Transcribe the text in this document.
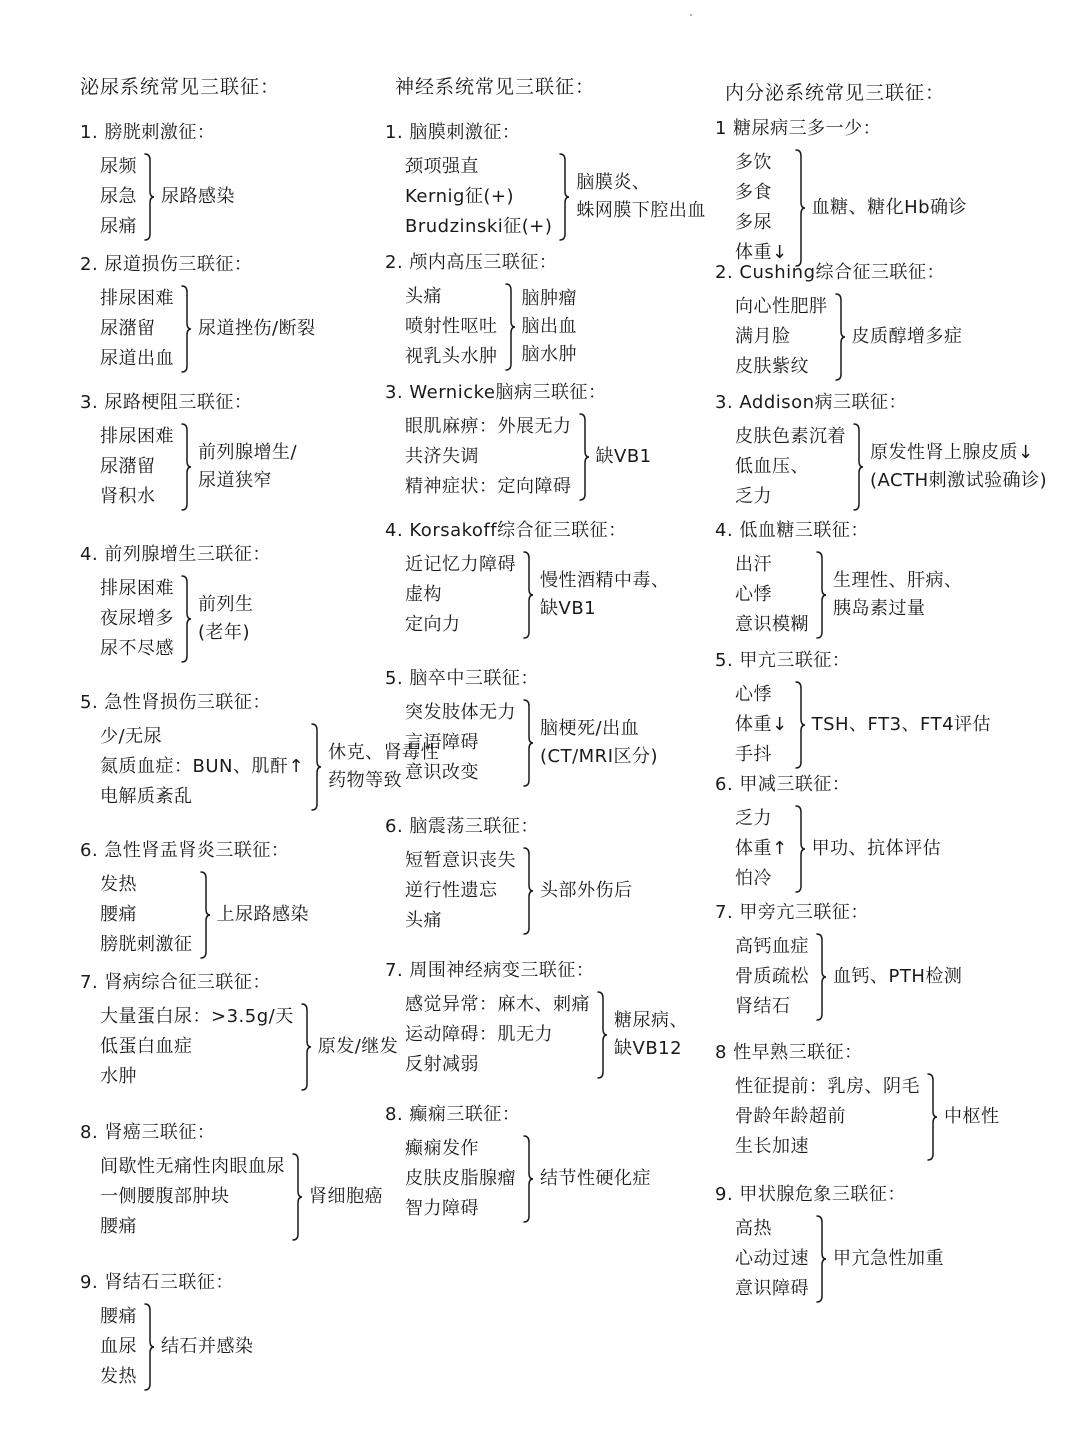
泌尿系统常见三联征：
1. 膀胱刺激征：
尿频
尿急
尿痛
尿路感染
2. 尿道损伤三联征：
排尿困难
尿潴留
尿道出血
尿道挫伤/断裂
3. 尿路梗阻三联征：
排尿困难
尿潴留
肾积水
前列腺增生/
尿道狭窄
4. 前列腺增生三联征：
排尿困难
夜尿增多
尿不尽感
前列生
(老年)
5. 急性肾损伤三联征：
少/无尿
氮质血症：BUN、肌酐↑
电解质紊乱
休克、肾毒性
药物等致
6. 急性肾盂肾炎三联征：
发热
腰痛
膀胱刺激征
上尿路感染
7. 肾病综合征三联征：
大量蛋白尿：>3.5g/天
低蛋白血症
水肿
原发/继发
8. 肾癌三联征：
间歇性无痛性肉眼血尿
一侧腰腹部肿块
腰痛
肾细胞癌
9. 肾结石三联征：
腰痛
血尿
发热
结石并感染
神经系统常见三联征：
1. 脑膜刺激征：
颈项强直
Kernig征(+)
Brudzinski征(+)
脑膜炎、
蛛网膜下腔出血
2. 颅内高压三联征：
头痛
喷射性呕吐
视乳头水肿
脑肿瘤
脑出血
脑水肿
3. Wernicke脑病三联征：
眼肌麻痹：外展无力
共济失调
精神症状：定向障碍
缺VB1
4. Korsakoff综合征三联征：
近记忆力障碍
虚构
定向力
慢性酒精中毒、
缺VB1
5. 脑卒中三联征：
突发肢体无力
言语障碍
意识改变
脑梗死/出血
(CT/MRI区分)
6. 脑震荡三联征：
短暂意识丧失
逆行性遗忘
头痛
头部外伤后
7. 周围神经病变三联征：
感觉异常：麻木、刺痛
运动障碍：肌无力
反射减弱
糖尿病、
缺VB12
8. 癫痫三联征：
癫痫发作
皮肤皮脂腺瘤
智力障碍
结节性硬化症
内分泌系统常见三联征：
1 糖尿病三多一少：
多饮
多食
多尿
体重↓
血糖、糖化Hb确诊
2. Cushing综合征三联征：
向心性肥胖
满月脸
皮肤紫纹
皮质醇增多症
3. Addison病三联征：
皮肤色素沉着
低血压、
乏力
原发性肾上腺皮质↓
(ACTH刺激试验确诊)
4. 低血糖三联征：
出汗
心悸
意识模糊
生理性、肝病、
胰岛素过量
5. 甲亢三联征：
心悸
体重↓
手抖
TSH、FT3、FT4评估
6. 甲减三联征：
乏力
体重↑
怕冷
甲功、抗体评估
7. 甲旁亢三联征：
高钙血症
骨质疏松
肾结石
血钙、PTH检测
8 性早熟三联征：
性征提前：乳房、阴毛
骨龄年龄超前
生长加速
中枢性
9. 甲状腺危象三联征：
高热
心动过速
意识障碍
甲亢急性加重
